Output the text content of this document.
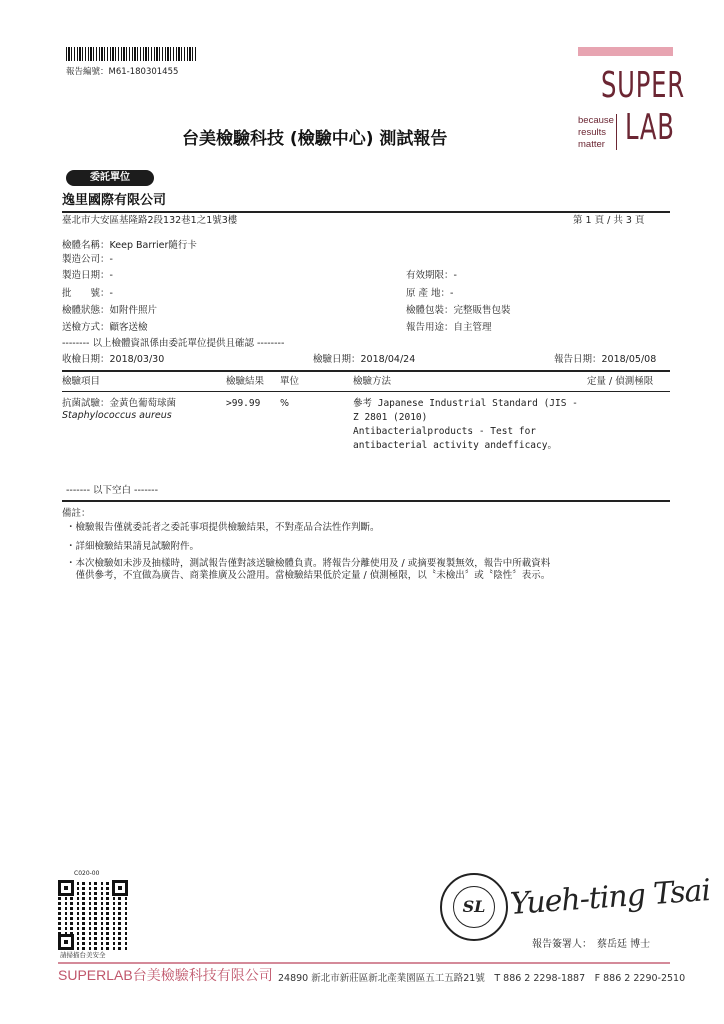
報告編號：M61-180301455	SUPER
LAB
because
results
matter
台美檢驗科技 (檢驗中心) 測試報告
委託單位
逸里國際有限公司
臺北市大安區基隆路2段132巷1之1號3樓	第 1 頁 / 共 3 頁
檢體名稱：Keep Barrier隨行卡
製造公司：-
製造日期：-	有效期限：-
批　　號：-	原 產 地：-
檢體狀態：如附件照片	檢體包裝：完整販售包裝
送檢方式：顧客送檢	報告用途：自主管理
-------- 以上檢體資訊係由委託單位提供且確認 --------
收檢日期：2018/03/30	檢驗日期：2018/04/24	報告日期：2018/05/08
檢驗項目	檢驗結果 單位	檢驗方法	定量 / 偵測極限
抗菌試驗：金黃色葡萄球菌
Staphylococcus aureus
>99.99 %	參考 Japanese Industrial Standard (JIS -
Z 2801 (2010)
Antibacterialproducts - Test for
antibacterial activity andefficacy。
------- 以下空白 -------
備註：
・檢驗報告僅就委託者之委託事項提供檢驗結果，不對產品合法性作判斷。
・詳細檢驗結果請見試驗附件。
・本次檢驗如未涉及抽樣時，測試報告僅對該送驗檢體負責。將報告分離使用及 / 或摘要複製無效，報告中所載資料
　僅供參考，不宜做為廣告、商業推廣及公證用。當檢驗結果低於定量 / 偵測極限，以〝未檢出〞或〝陰性〞表示。
C020-00
請掃描台美安全
SL Yueh-ting Tsai
報告簽署人：　蔡岳廷 博士
SUPERLAB台美檢驗科技有限公司 24890 新北市新莊區新北產業園區五工五路21號　T 886 2 2298-1887　F 886 2 2290-2510
